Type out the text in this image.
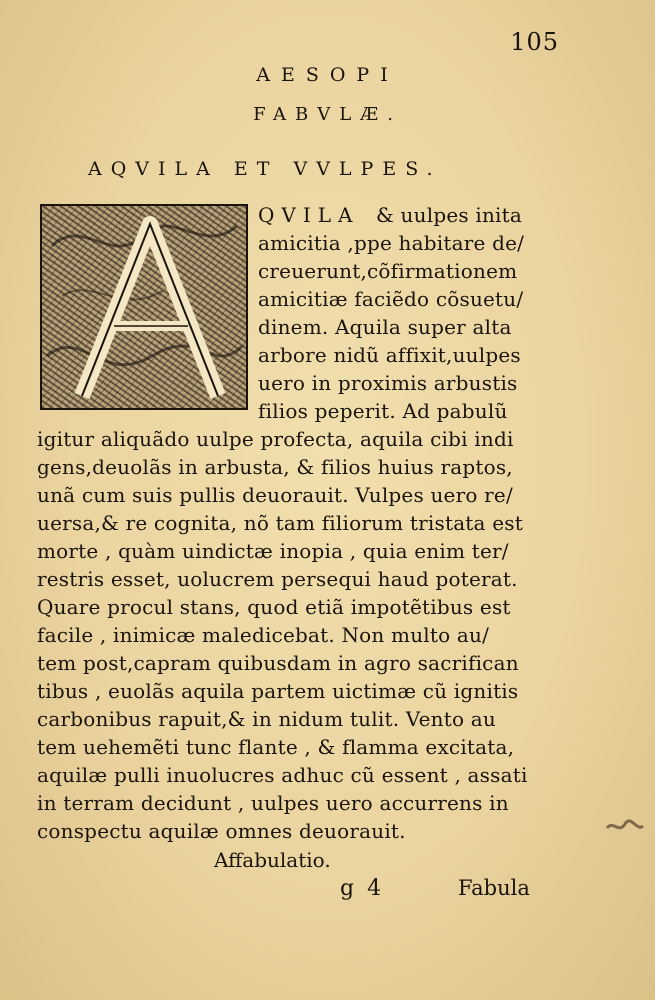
105
AESOPI
FABVLÆ.
AQVILA ET VVLPES.
QVILA & uulpes inita
amicitia ,ppe habitare de/
creuerunt,cõfirmationem
amicitiæ faciẽdo cõsuetu/
dinem. Aquila super alta
arbore nidũ affixit,uulpes
uero in proximis arbustis
filios peperit. Ad pabulũ
igitur aliquãdo uulpe profecta, aquila cibi indi
gens,deuolãs in arbusta, & filios huius raptos,
unã cum suis pullis deuorauit. Vulpes uero re/
uersa,& re cognita, nõ tam filiorum tristata est
morte , quàm uindictæ inopia , quia enim ter/
restris esset, uolucrem persequi haud poterat.
Quare procul stans, quod etiã impotẽtibus est
facile , inimicæ maledicebat. Non multo au/
tem post,capram quibusdam in agro sacrifican
tibus , euolãs aquila partem uictimæ cũ ignitis
carbonibus rapuit,& in nidum tulit. Vento au
tem uehemẽti tunc flante , & flamma excitata,
aquilæ pulli inuolucres adhuc cũ essent , assati
in terram decidunt , uulpes uero accurrens in
conspectu aquilæ omnes deuorauit.
Affabulatio.
g 4	Fabula
